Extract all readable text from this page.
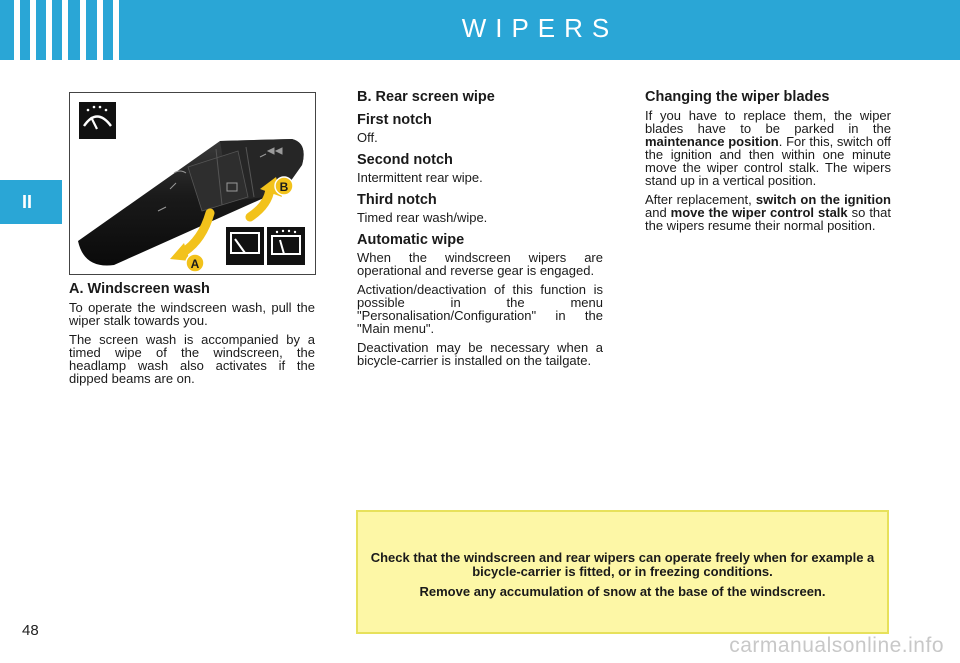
WIPERS
II
B
A
A. Windscreen wash

To operate the windscreen wash, pull the wiper stalk towards you.

The screen wash is accompanied by a timed wipe of the windscreen, the headlamp wash also activates if the dipped beams are on.

B. Rear screen wipe
First notch

Off.

Second notch

Intermittent rear wipe.

Third notch

Timed rear wash/wipe.

Automatic wipe

When the windscreen wipers are operational and reverse gear is engaged.

Activation/deactivation of this function is possible in the menu "Personalisation/Configuration" in the "Main menu".

Deactivation may be necessary when a bicycle-carrier is installed on the tailgate.

Changing the wiper blades

If you have to replace them, the wiper blades have to be parked in the maintenance position. For this, switch off the ignition and then within one minute move the wiper control stalk. The wipers stand up in a vertical position.

After replacement, switch on the ignition and move the wiper control stalk so that the wipers resume their normal position.

Check that the windscreen and rear wipers can operate freely when for example a bicycle-carrier is fitted, or in freezing conditions.

Remove any accumulation of snow at the base of the windscreen.

48
carmanualsonline.info
